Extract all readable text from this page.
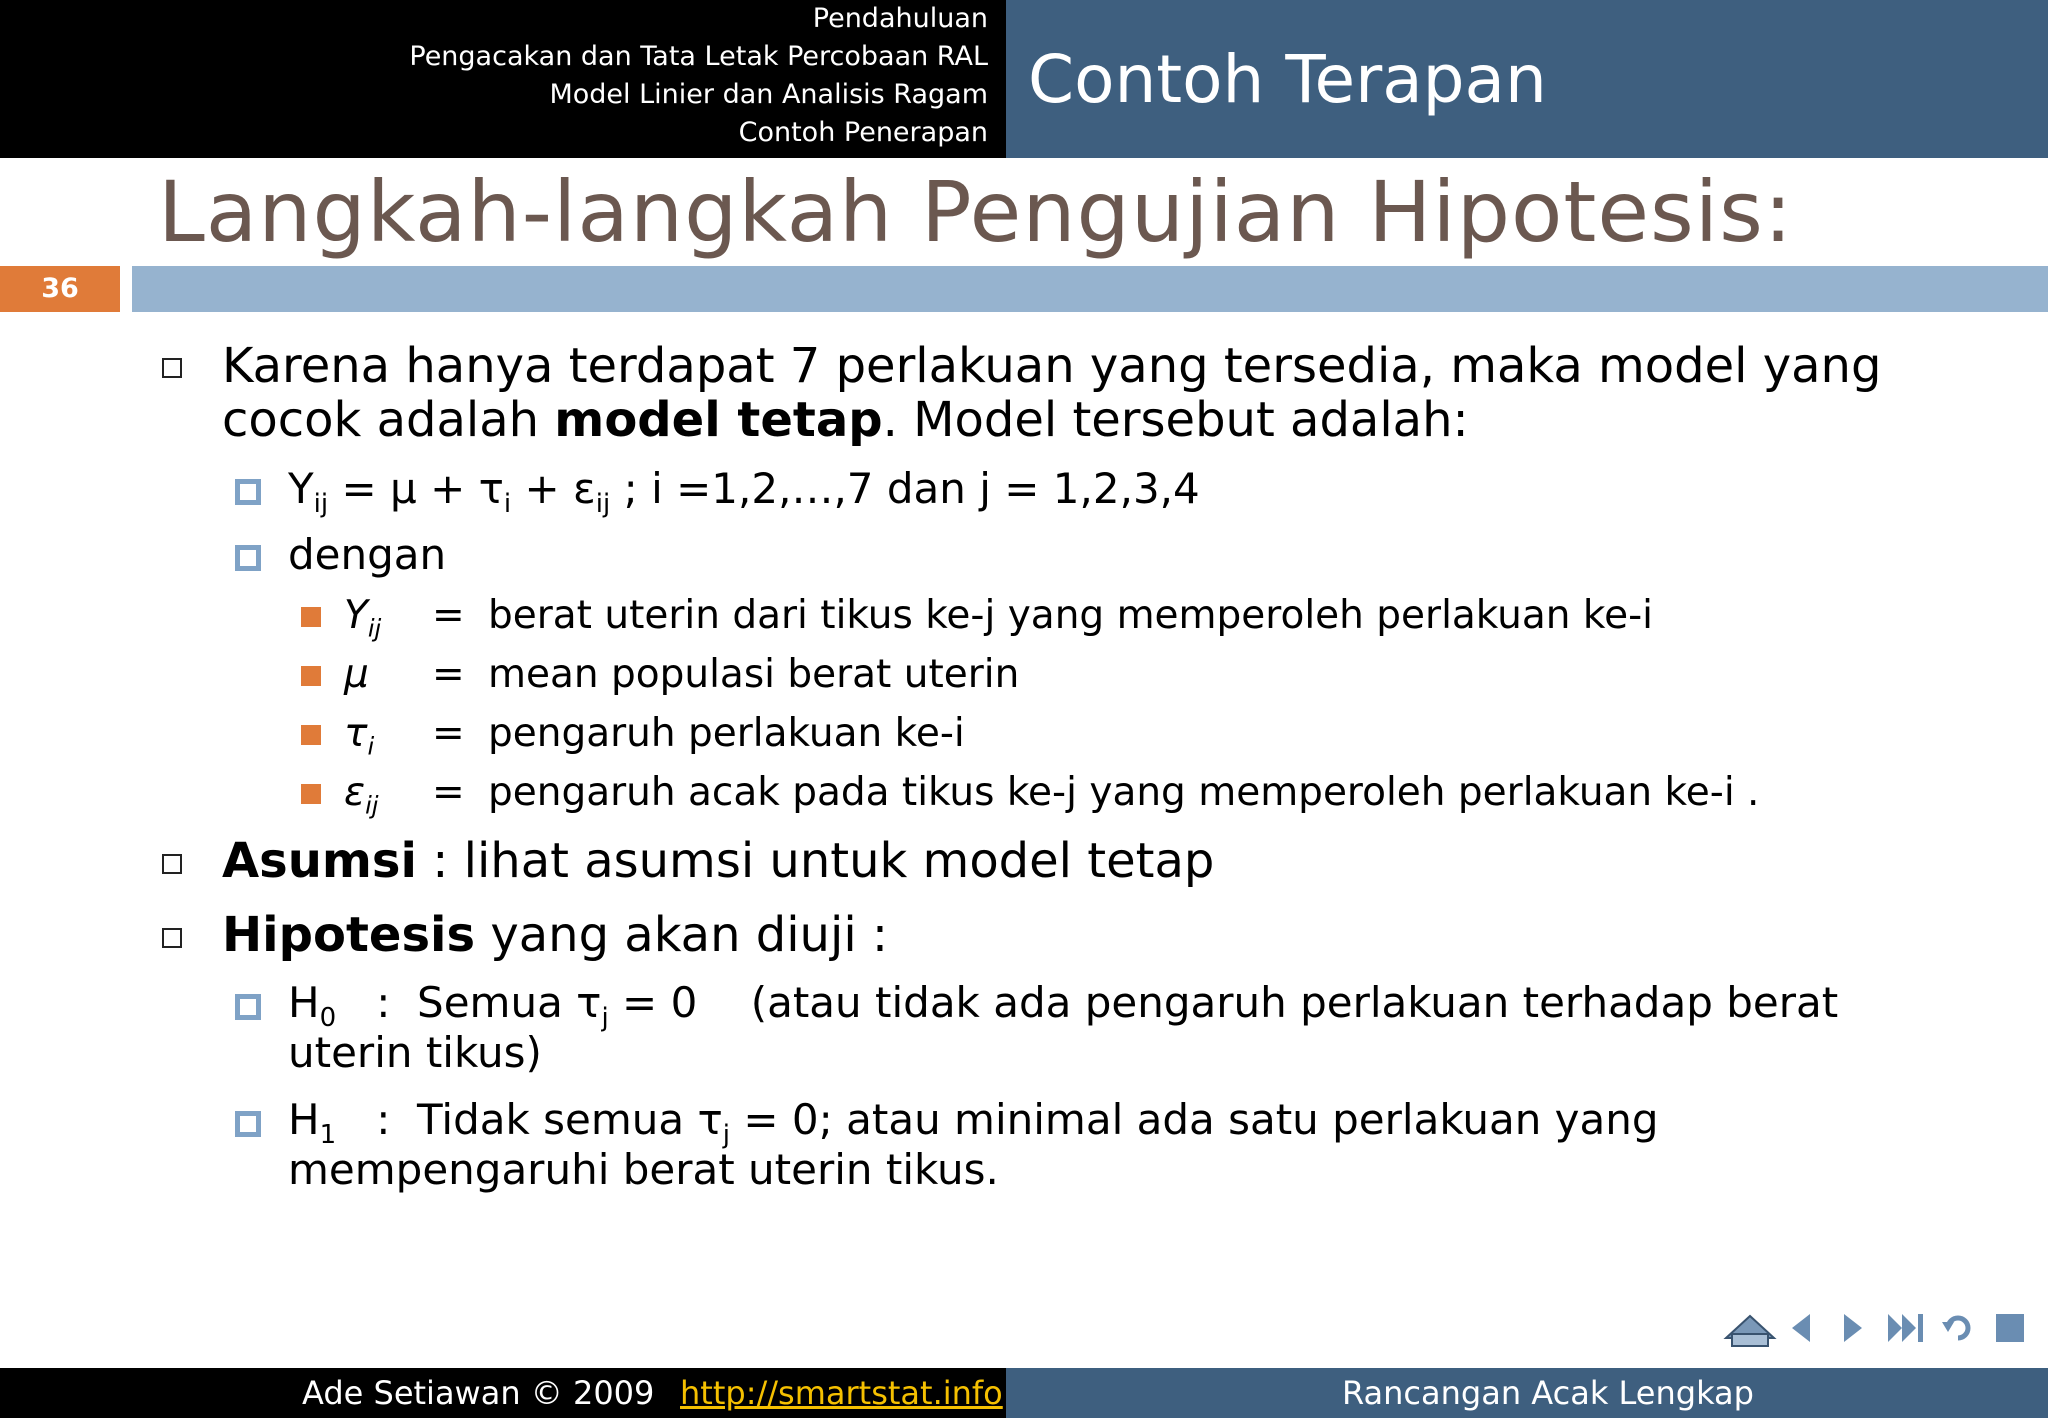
Pendahuluan
Pengacakan dan Tata Letak Percobaan RAL
Model Linier dan Analisis Ragam
Contoh Penerapan
Contoh Terapan
Langkah-langkah Pengujian Hipotesis:
36
Karena hanya terdapat 7 perlakuan yang tersedia, maka model yang
cocok adalah model tetap. Model tersebut adalah:
$Y_{ij} = \mu + \tau_i + \varepsilon_{ij}$ ; i =1,2,…,7 dan j = 1,2,3,4
dengan
$Y_{ij}$ = berat uterin dari tikus ke-j yang memperoleh perlakuan ke-i
μ = mean populasi berat uterin
$\tau_i$ = pengaruh perlakuan ke-i
$\varepsilon_{ij}$ = pengaruh acak pada tikus ke-j yang memperoleh perlakuan ke-i .
Asumsi : lihat asumsi untuk model tetap
Hipotesis yang akan diuji :
$H_0$   :  Semua $\tau_j = 0$    (atau tidak ada pengaruh perlakuan terhadap berat
uterin tikus)
$H_1$   :  Tidak semua $\tau_j = 0$; atau minimal ada satu perlakuan yang
mempengaruhi berat uterin tikus.
Ade Setiawan © 2009 http://smartstat.info	Rancangan Acak Lengkap
